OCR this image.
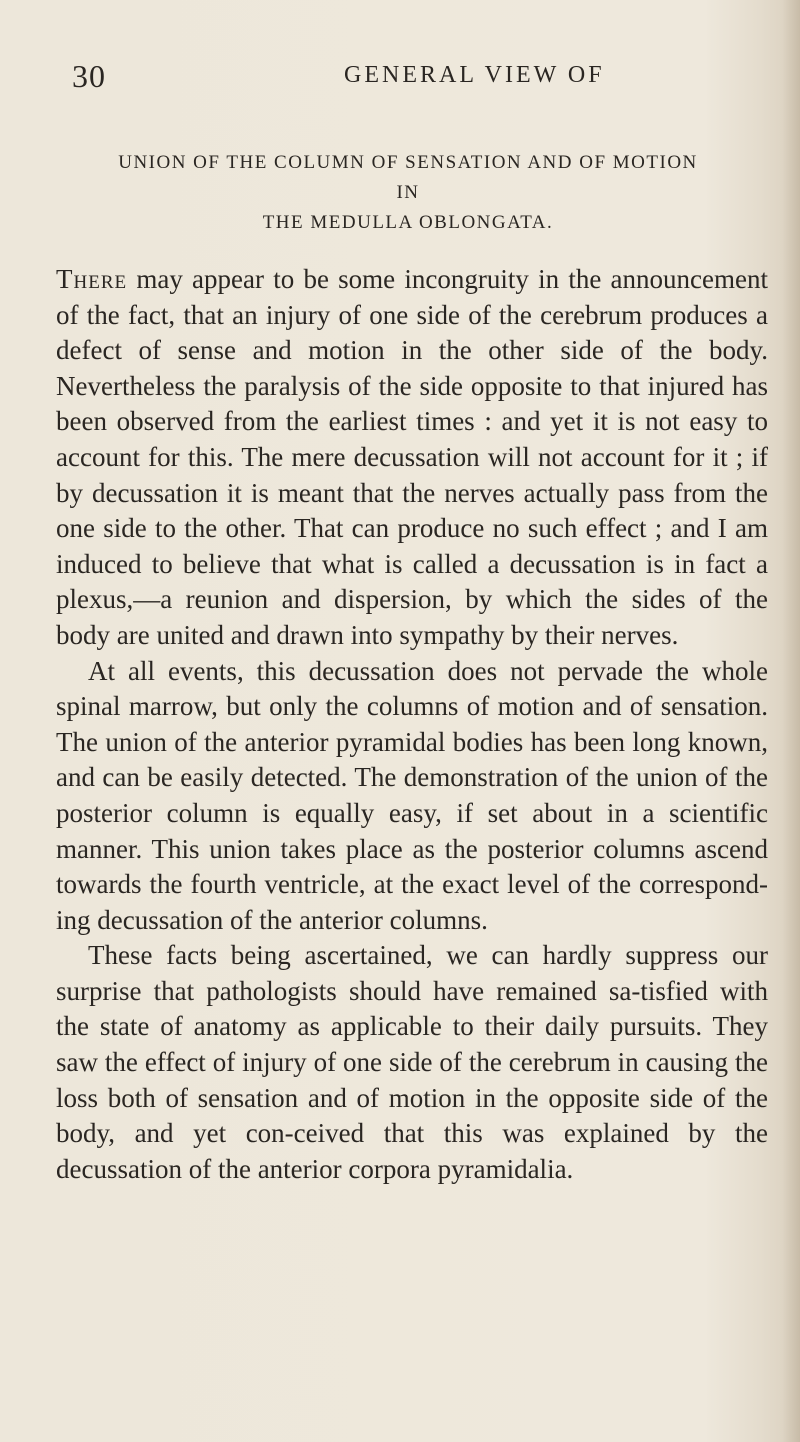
30	GENERAL VIEW OF
UNION OF THE COLUMN OF SENSATION AND OF MOTION IN
THE MEDULLA OBLONGATA.

There may appear to be some incongruity in the announcement of the fact, that an injury of one side of the cerebrum produces a defect of sense and motion in the other side of the body. Nevertheless the paralysis of the side opposite to that injured has been observed from the earliest times : and yet it is not easy to account for this. The mere decussation will not account for it ; if by decussation it is meant that the nerves actually pass from the one side to the other. That can produce no such effect ; and I am induced to believe that what is called a decussation is in fact a plexus,—a reunion and dispersion, by which the sides of the body are united and drawn into sympathy by their nerves.

At all events, this decussation does not pervade the whole spinal marrow, but only the columns of motion and of sensation. The union of the anterior pyramidal bodies has been long known, and can be easily detected. The demonstration of the union of the posterior column is equally easy, if set about in a scientific manner. This union takes place as the posterior columns ascend towards the fourth ventricle, at the exact level of the correspond-ing decussation of the anterior columns.

These facts being ascertained, we can hardly suppress our surprise that pathologists should have remained sa-tisfied with the state of anatomy as applicable to their daily pursuits. They saw the effect of injury of one side of the cerebrum in causing the loss both of sensation and of motion in the opposite side of the body, and yet con-ceived that this was explained by the decussation of the anterior corpora pyramidalia.
